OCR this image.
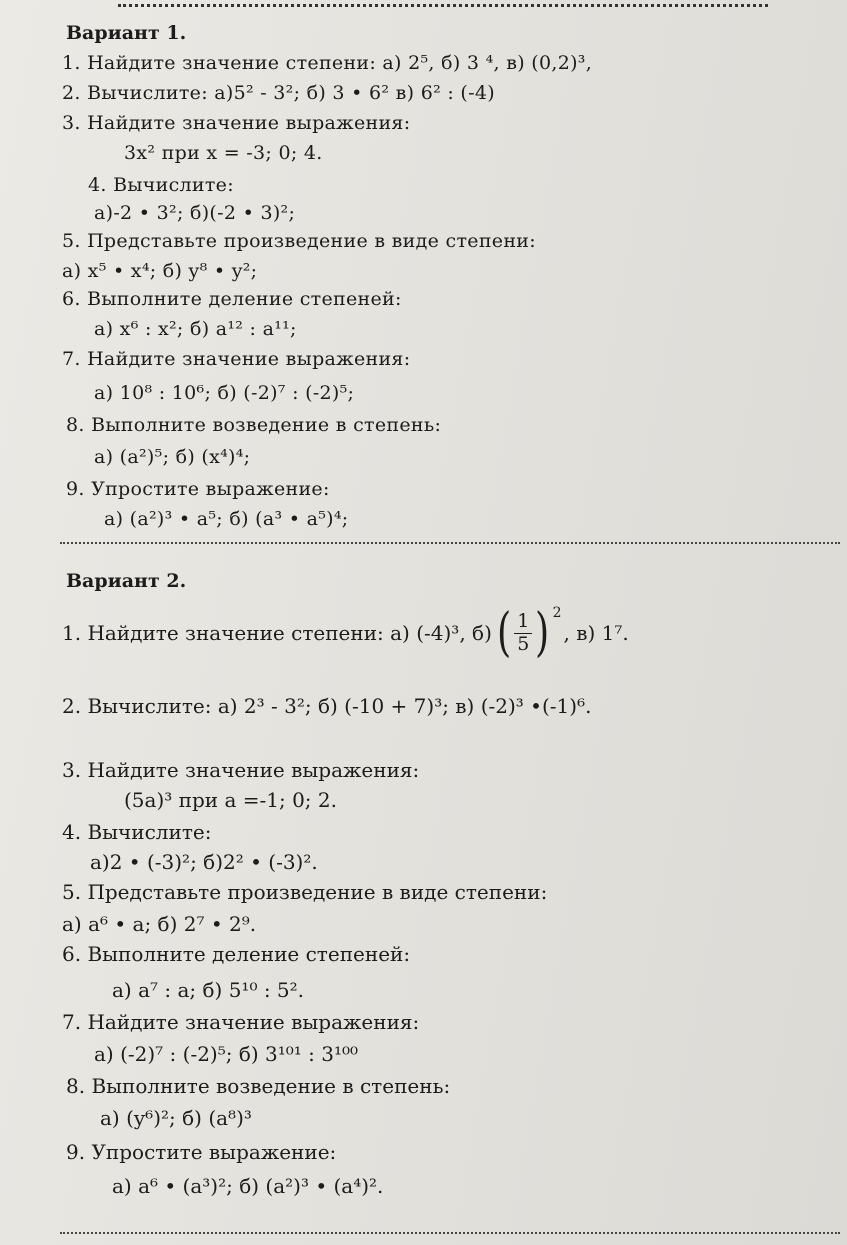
Вариант 1.
1. Найдите значение степени: а) 2⁵, б) 3 ⁴, в) (0,2)³,
2. Вычислите: а)5² - 3²; б) 3 • 6² в) 6² : (-4)
3. Найдите значение выражения:
3x² при x = -3; 0; 4.
4. Вычислите:
а)-2 • 3²; б)(-2 • 3)²;
5. Представьте произведение в виде степени:
а) x⁵ • x⁴; б) y⁸ • y²;
6. Выполните деление степеней:
а) x⁶ : x²; б) a¹² : a¹¹;
7. Найдите значение выражения:
а) 10⁸ : 10⁶; б) (-2)⁷ : (-2)⁵;
8. Выполните возведение в степень:
а) (a²)⁵; б) (x⁴)⁴;
9. Упростите выражение:
а) (a²)³ • a⁵; б) (a³ • a⁵)⁴;
Вариант 2.
1. Найдите значение степени: а) (-4)³, б) ( $\frac{1}{5}$ ) 2
, в) 1⁷.
2. Вычислите: а) 2³ - 3²; б) (-10 + 7)³; в) (-2)³ •(-1)⁶.
3. Найдите значение выражения:
(5a)³ при а =-1; 0; 2.
4. Вычислите:
а)2 • (-3)²; б)2² • (-3)².
5. Представьте произведение в виде степени:
а) a⁶ • a; б) 2⁷ • 2⁹.
6. Выполните деление степеней:
а) a⁷ : a; б) 5¹⁰ : 5².
7. Найдите значение выражения:
а) (-2)⁷ : (-2)⁵; б) 3¹⁰¹ : 3¹⁰⁰
8. Выполните возведение в степень:
а) (y⁶)²; б) (a⁸)³
9. Упростите выражение:
а) a⁶ • (a³)²; б) (a²)³ • (a⁴)².
